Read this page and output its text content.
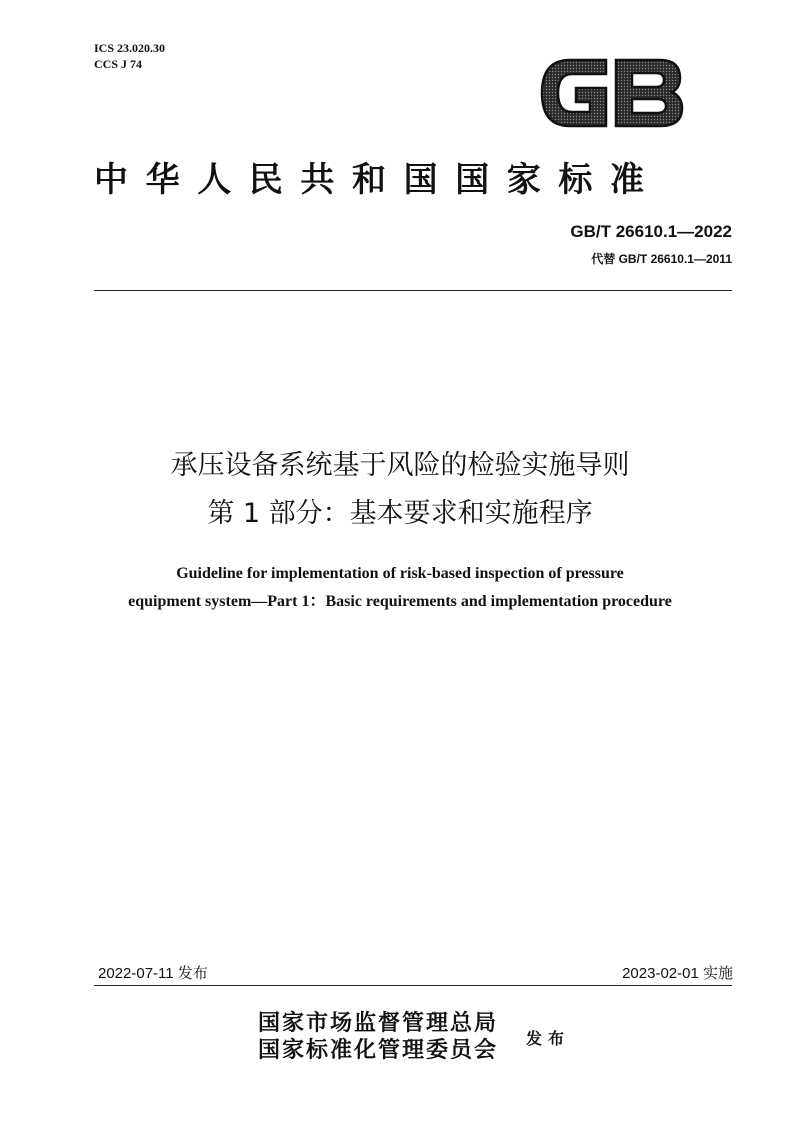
ICS 23.020.30
CCS J 74
中华人民共和国国家标准
GB/T 26610.1—2022
代替 GB/T 26610.1—2011
承压设备系统基于风险的检验实施导则
第 1 部分：基本要求和实施程序
Guideline for implementation of risk-based inspection of pressure
equipment system—Part 1：Basic requirements and implementation procedure
2022-07-11 发布	2023-02-01 实施
国家市场监督管理总局
国家标准化管理委员会 发布
